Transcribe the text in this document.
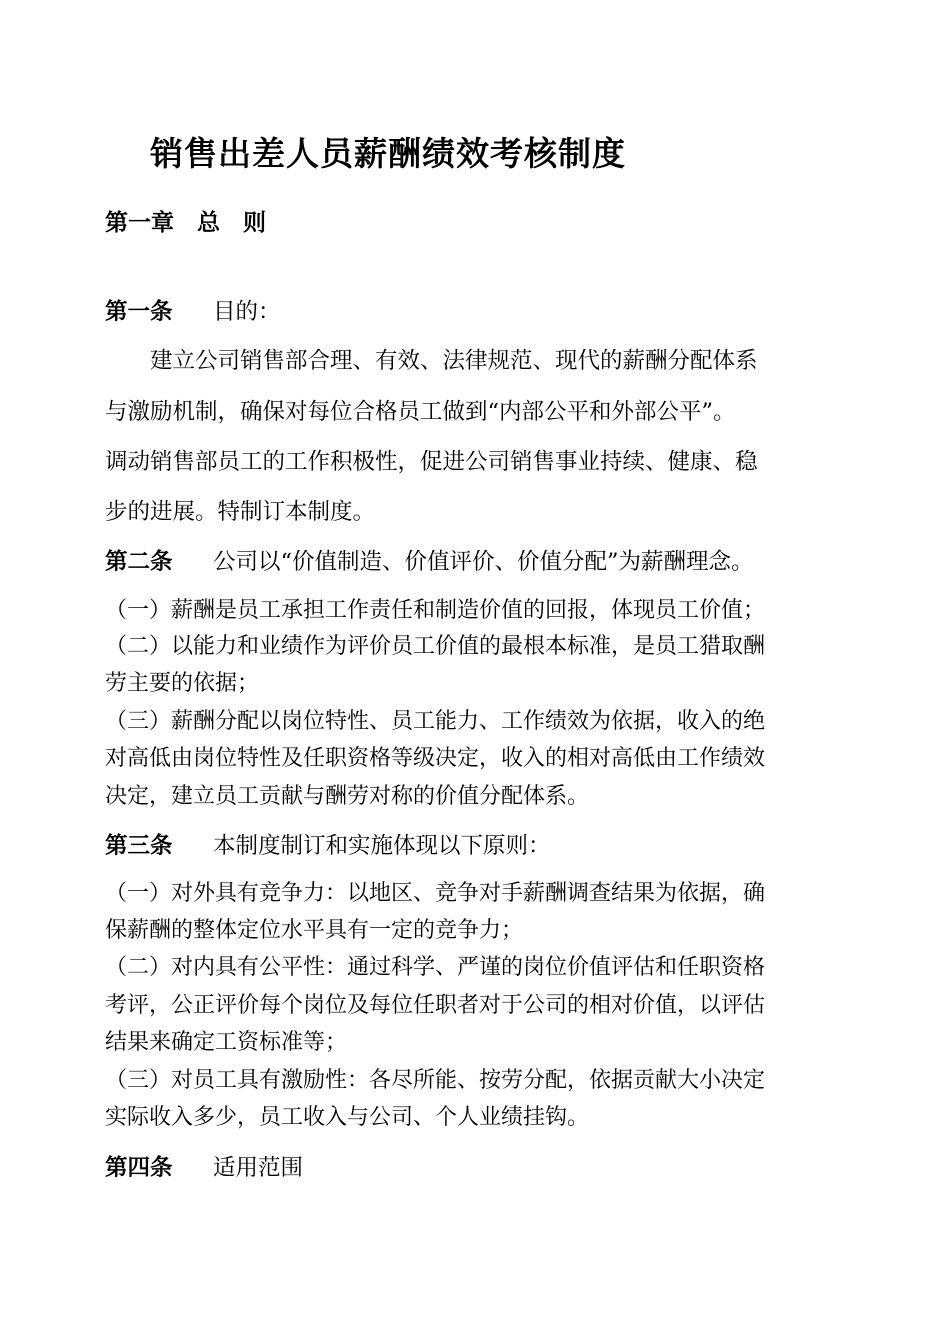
销售出差人员薪酬绩效考核制度
第一章　总　则
第一条 目的：
建立公司销售部合理、有效、法律规范、现代的薪酬分配体系
与激励机制，确保对每位合格员工做到“内部公平和外部公平”。
调动销售部员工的工作积极性，促进公司销售事业持续、健康、稳
步的进展。特制订本制度。
第二条 公司以“价值制造、价值评价、价值分配”为薪酬理念。
（一）薪酬是员工承担工作责任和制造价值的回报，体现员工价值；
（二）以能力和业绩作为评价员工价值的最根本标准，是员工猎取酬
劳主要的依据；
（三）薪酬分配以岗位特性、员工能力、工作绩效为依据，收入的绝
对高低由岗位特性及任职资格等级决定，收入的相对高低由工作绩效
决定，建立员工贡献与酬劳对称的价值分配体系。
第三条 本制度制订和实施体现以下原则：
（一）对外具有竞争力：以地区、竞争对手薪酬调查结果为依据，确
保薪酬的整体定位水平具有一定的竞争力；
（二）对内具有公平性：通过科学、严谨的岗位价值评估和任职资格
考评，公正评价每个岗位及每位任职者对于公司的相对价值，以评估
结果来确定工资标准等；
（三）对员工具有激励性：各尽所能、按劳分配，依据贡献大小决定
实际收入多少，员工收入与公司、个人业绩挂钩。
第四条 适用范围
